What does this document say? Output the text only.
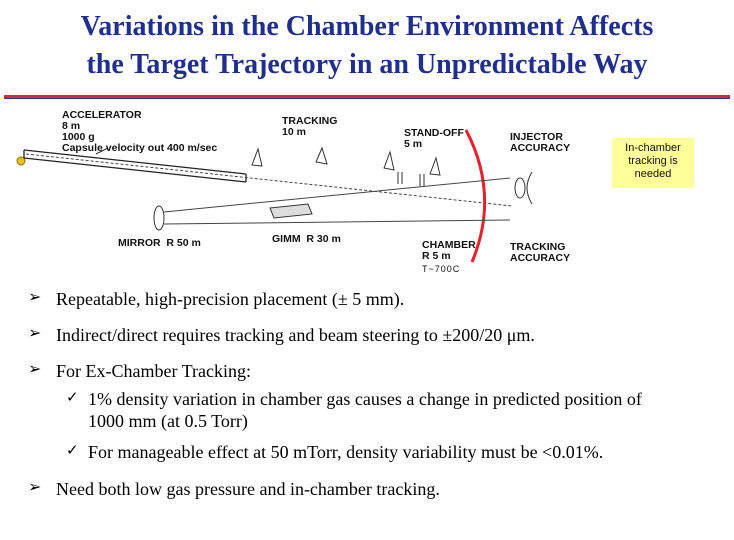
Variations in the Chamber Environment Affects
the Target Trajectory in an Unpredictable Way
ACCELERATOR
8 m
1000 g
Capsule velocity out 400 m/sec
TRACKING
10 m	STAND-OFF
5 m
INJECTOR
ACCURACY
MIRROR  R 50 m	GIMM  R 30 m	CHAMBER
R 5 m
T~700C
TRACKING
ACCURACY
In-chamber tracking is needed
➢ Repeatable, high-precision placement (± 5 mm).
➢ Indirect/direct requires tracking and beam steering to ±200/20 μm.
➢ For Ex-Chamber Tracking:
✓ 1% density variation in chamber gas causes a change in predicted position of
1000 mm (at 0.5 Torr)
✓ For manageable effect at 50 mTorr, density variability must be <0.01%.
➢ Need both low gas pressure and in-chamber tracking.
